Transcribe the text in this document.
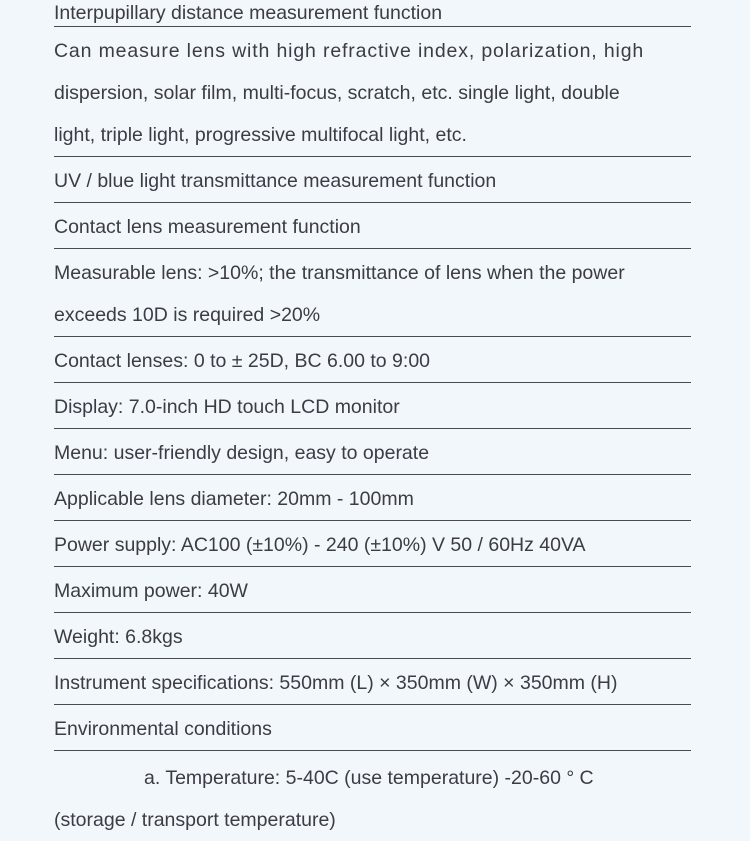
Interpupillary distance measurement function
Can measure lens with high refractive index, polarization, high
dispersion, solar film, multi-focus, scratch, etc. single light, double
light, triple light, progressive multifocal light, etc.
UV / blue light transmittance measurement function
Contact lens measurement function
Measurable lens: >10%; the transmittance of lens when the power
exceeds 10D is required >20%
Contact lenses: 0 to ± 25D, BC 6.00 to 9:00
Display: 7.0-inch HD touch LCD monitor
Menu: user-friendly design, easy to operate
Applicable lens diameter: 20mm - 100mm
Power supply: AC100 (±10%) - 240 (±10%) V 50 / 60Hz 40VA
Maximum power: 40W
Weight: 6.8kgs
Instrument specifications: 550mm (L) × 350mm (W) × 350mm (H)
Environmental conditions
a. Temperature: 5-40C (use temperature) -20-60 ° C
(storage / transport temperature)
